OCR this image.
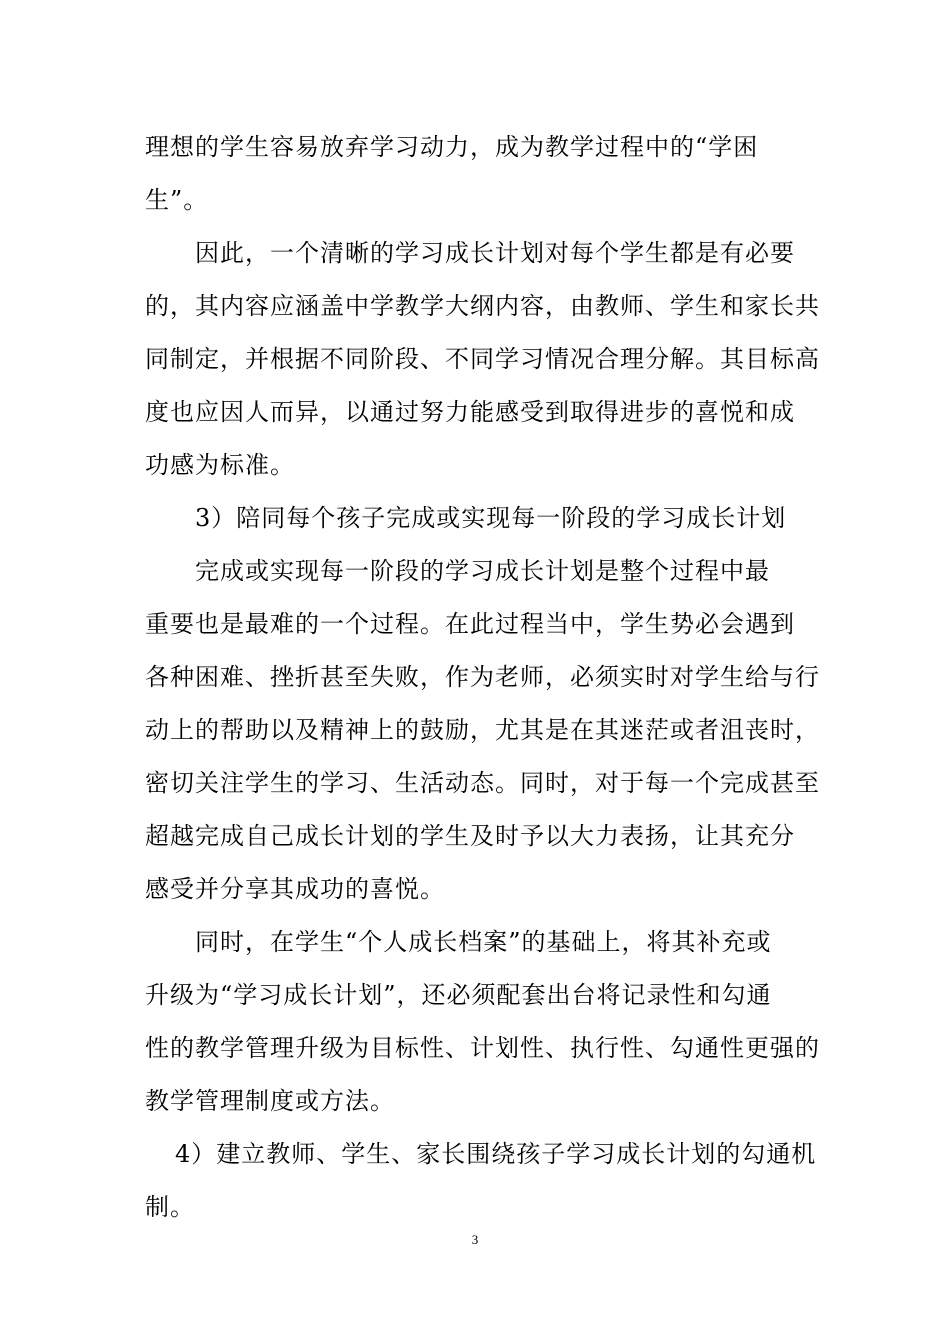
理想的学生容易放弃学习动力，成为教学过程中的“学困
生”。
因此，一个清晰的学习成长计划对每个学生都是有必要
的，其内容应涵盖中学教学大纲内容，由教师、学生和家长共
同制定，并根据不同阶段、不同学习情况合理分解。其目标高
度也应因人而异，以通过努力能感受到取得进步的喜悦和成
功感为标准。
3）陪同每个孩子完成或实现每一阶段的学习成长计划
完成或实现每一阶段的学习成长计划是整个过程中最
重要也是最难的一个过程。在此过程当中，学生势必会遇到
各种困难、挫折甚至失败，作为老师，必须实时对学生给与行
动上的帮助以及精神上的鼓励，尤其是在其迷茫或者沮丧时，
密切关注学生的学习、生活动态。同时，对于每一个完成甚至
超越完成自己成长计划的学生及时予以大力表扬，让其充分
感受并分享其成功的喜悦。
同时，在学生“个人成长档案”的基础上，将其补充或
升级为“学习成长计划”，还必须配套出台将记录性和勾通
性的教学管理升级为目标性、计划性、执行性、勾通性更强的
教学管理制度或方法。
4）建立教师、学生、家长围绕孩子学习成长计划的勾通机
制。
3
